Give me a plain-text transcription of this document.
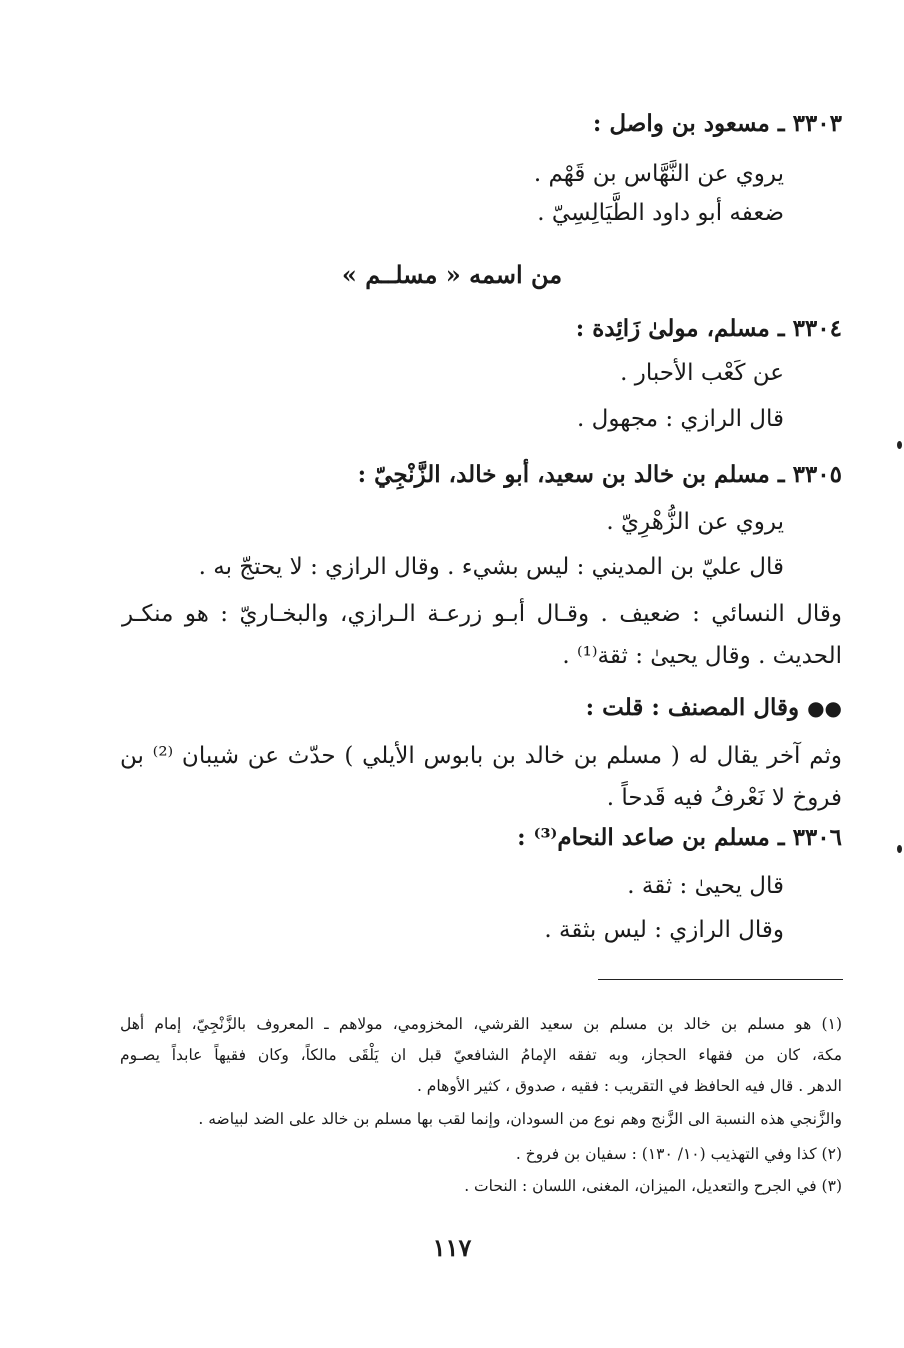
٣٣٠٣ ـ مسعود بن واصل :
يروي عن النَّهَّاس بن قَهْم .
ضعفه أبو داود الطَّيَالِسِيّ .
من اسمه « مسلــم »
٣٣٠٤ ـ مسلم، مولىٰ زَائِدة :
عن كَعْب الأحبار .
قال الرازي : مجهول .
٣٣٠٥ ـ مسلم بن خالد بن سعيد، أبو خالد، الزَّنْجِيّ :
يروي عن الزُّهْرِيّ .
قال عليّ بن المديني : ليس بشيء . وقال الرازي : لا يحتجّ به .
وقال النسائي : ضعيف . وقـال أبـو زرعـة الـرازي، والبخـاريّ : هو منكـر
الحديث . وقال يحيىٰ : ثقة⁽¹⁾ .
●● وقال المصنف : قلت :
وثم آخر يقال له ( مسلم بن خالد بن بابوس الأيلي ) حدّث عن شيبان ⁽²⁾ بن
فروخ لا نَعْرفُ فيه قَدحاً .
٣٣٠٦ ـ مسلم بن صاعد النحام⁽³⁾ :
قال يحيىٰ : ثقة .
وقال الرازي : ليس بثقة .
(١) هو مسلم بن خالد بن مسلم بن سعيد القرشي، المخزومي، مولاهم ـ المعروف بالزَّنْجِيّ، إمام أهل
مكة، كان من فقهاء الحجاز، وبه تفقه الإمامُ الشافعيّ قبل ان يَلْقَى مالكاً، وكان فقيهاً عابداً يصـوم
الدهر . قال فيه الحافظ في التقريب : فقيه ، صدوق ، كثير الأوهام .
والزَّنجي هذه النسبة الى الزَّنج وهم نوع من السودان، وإنما لقب بها مسلم بن خالد على الضد لبياضه .
(٢) كذا وفي التهذيب (١٠/ ١٣٠) : سفيان بن فروخ .
(٣) في الجرح والتعديل، الميزان، المغنى، اللسان : النحات .
١١٧
